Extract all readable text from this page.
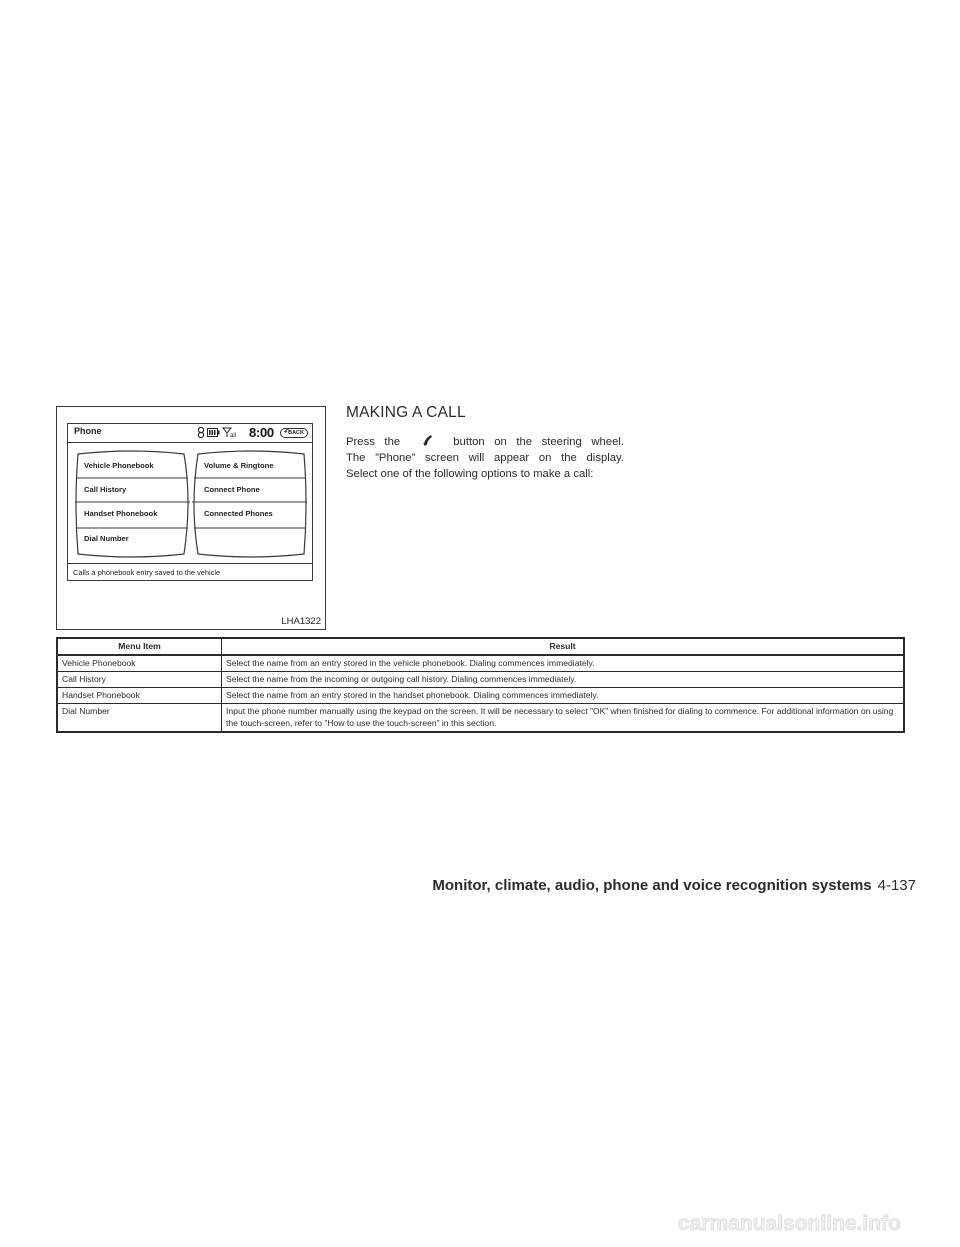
Phone	all 8:00 ↶
BACK
Vehicle Phonebook
Call History
Handset Phonebook
Dial Number
Volume & Ringtone
Connect Phone
Connected Phones
Calls a phonebook entry saved to the vehicle
LHA1322
MAKING A CALL
Press the	button on the steering wheel.
The ”Phone” screen will appear on the display.
Select one of the following options to make a call:
Menu Item	Result
Vehicle Phonebook	Select the name from an entry stored in the vehicle phonebook. Dialing commences immediately.
Call History	Select the name from the incoming or outgoing call history. Dialing commences immediately.
Handset Phonebook	Select the name from an entry stored in the handset phonebook. Dialing commences immediately.
Dial Number	Input the phone number manually using the keypad on the screen. It will be necessary to select ”OK” when finished for dialing to commence. For additional information on using the touch-screen, refer to ”How to use the touch-screen” in this section.
Monitor, climate, audio, phone and voice recognition systems 4-137
carmanualsonline.info
